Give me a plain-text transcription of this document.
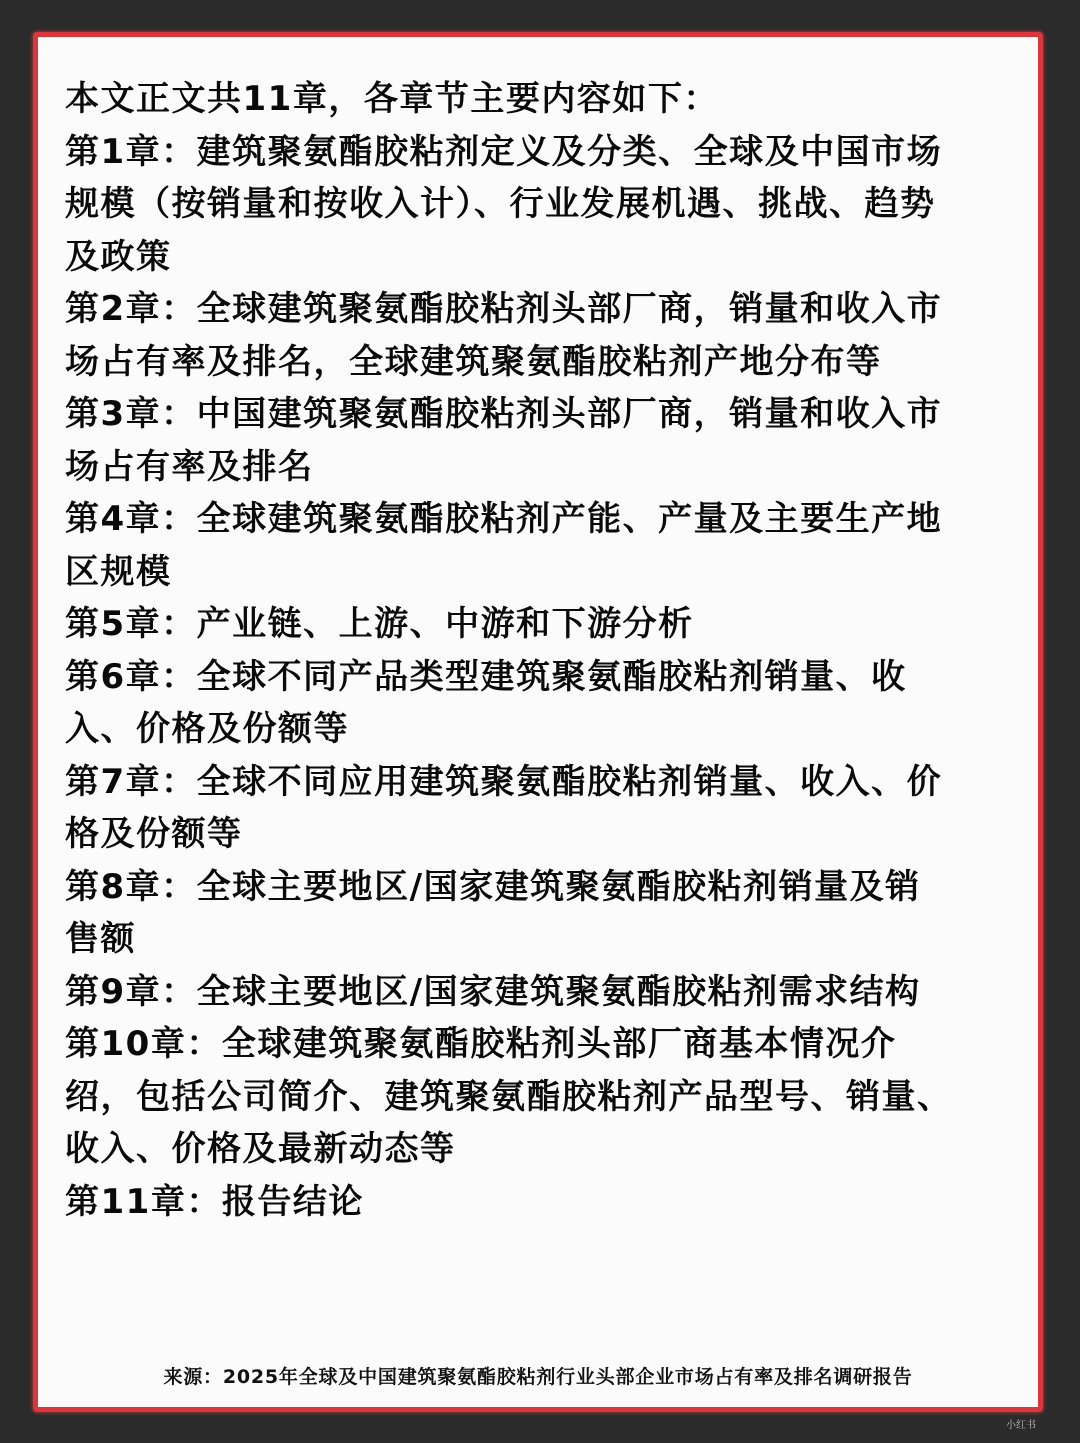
本文正文共11章，各章节主要内容如下：
第1章：建筑聚氨酯胶粘剂定义及分类、全球及中国市场
规模（按销量和按收入计）、行业发展机遇、挑战、趋势
及政策
第2章：全球建筑聚氨酯胶粘剂头部厂商，销量和收入市
场占有率及排名，全球建筑聚氨酯胶粘剂产地分布等
第3章：中国建筑聚氨酯胶粘剂头部厂商，销量和收入市
场占有率及排名
第4章：全球建筑聚氨酯胶粘剂产能、产量及主要生产地
区规模
第5章：产业链、上游、中游和下游分析
第6章：全球不同产品类型建筑聚氨酯胶粘剂销量、收
入、价格及份额等
第7章：全球不同应用建筑聚氨酯胶粘剂销量、收入、价
格及份额等
第8章：全球主要地区/国家建筑聚氨酯胶粘剂销量及销
售额
第9章：全球主要地区/国家建筑聚氨酯胶粘剂需求结构
第10章：全球建筑聚氨酯胶粘剂头部厂商基本情况介
绍，包括公司简介、建筑聚氨酯胶粘剂产品型号、销量、
收入、价格及最新动态等
第11章：报告结论
来源：2025年全球及中国建筑聚氨酯胶粘剂行业头部企业市场占有率及排名调研报告
小红书
